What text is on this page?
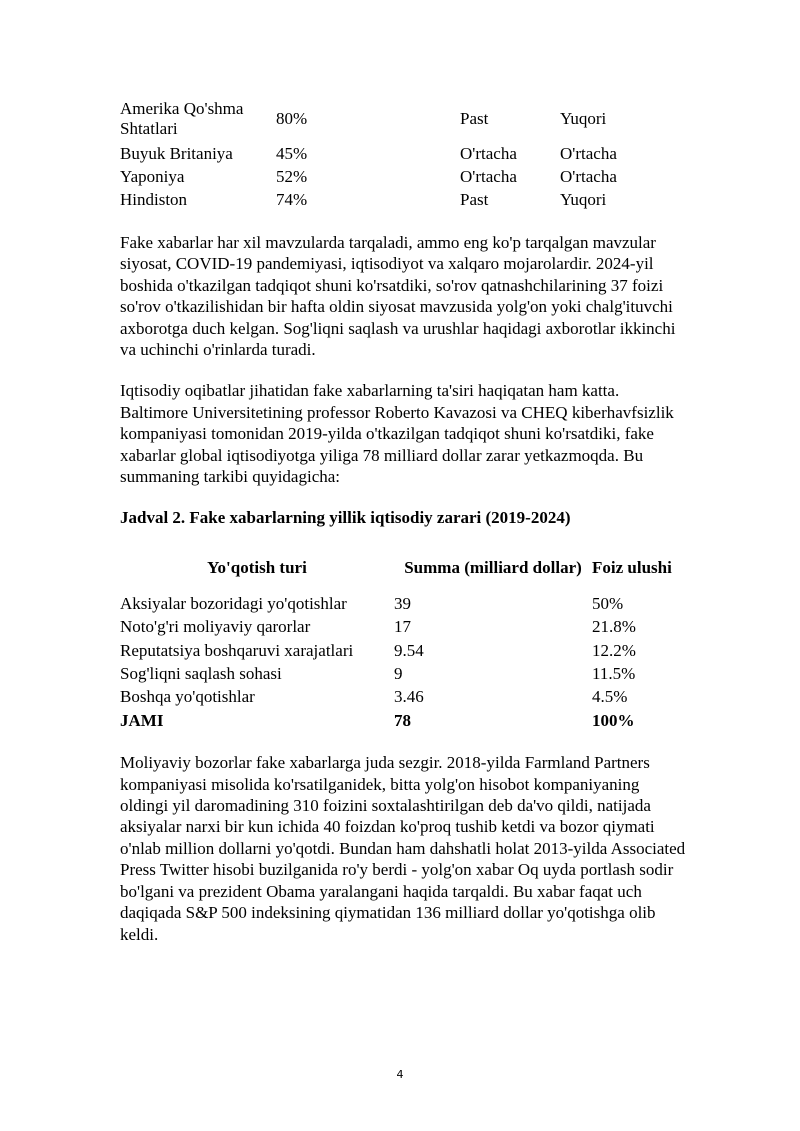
Amerika Qo'shma Shtatlari	80%	Past	Yuqori
Buyuk Britaniya	45%	O'rtacha	O'rtacha
Yaponiya	52%	O'rtacha	O'rtacha
Hindiston	74%	Past	Yuqori

Fake xabarlar har xil mavzularda tarqaladi, ammo eng ko'p tarqalgan mavzular siyosat, COVID-19 pandemiyasi, iqtisodiyot va xalqaro mojarolardir. 2024-yil boshida o'tkazilgan tadqiqot shuni ko'rsatdiki, so'rov qatnashchilarining 37 foizi so'rov o'tkazilishidan bir hafta oldin siyosat mavzusida yolg'on yoki chalg'ituvchi axborotga duch kelgan. Sog'liqni saqlash va urushlar haqidagi axborotlar ikkinchi va uchinchi o'rinlarda turadi.

Iqtisodiy oqibatlar jihatidan fake xabarlarning ta'siri haqiqatan ham katta. Baltimore Universitetining professor Roberto Kavazosi va CHEQ kiberhavfsizlik kompaniyasi tomonidan 2019-yilda o'tkazilgan tadqiqot shuni ko'rsatdiki, fake xabarlar global iqtisodiyotga yiliga 78 milliard dollar zarar yetkazmoqda. Bu summaning tarkibi quyidagicha:

Jadval 2. Fake xabarlarning yillik iqtisodiy zarari (2019-2024)

Yo'qotish turi	Summa (milliard dollar)	Foiz ulushi
Aksiyalar bozoridagi yo'qotishlar	39	50%
Noto'g'ri moliyaviy qarorlar	17	21.8%
Reputatsiya boshqaruvi xarajatlari	9.54	12.2%
Sog'liqni saqlash sohasi	9	11.5%
Boshqa yo'qotishlar	3.46	4.5%
JAMI	78	100%

Moliyaviy bozorlar fake xabarlarga juda sezgir. 2018-yilda Farmland Partners kompaniyasi misolida ko'rsatilganidek, bitta yolg'on hisobot kompaniyaning oldingi yil daromadining 310 foizini soxtalashtirilgan deb da'vo qildi, natijada aksiyalar narxi bir kun ichida 40 foizdan ko'proq tushib ketdi va bozor qiymati o'nlab million dollarni yo'qotdi. Bundan ham dahshatli holat 2013-yilda Associated Press Twitter hisobi buzilganida ro'y berdi - yolg'on xabar Oq uyda portlash sodir bo'lgani va prezident Obama yaralangani haqida tarqaldi. Bu xabar faqat uch daqiqada S&P 500 indeksining qiymatidan 136 milliard dollar yo'qotishga olib keldi.

4
